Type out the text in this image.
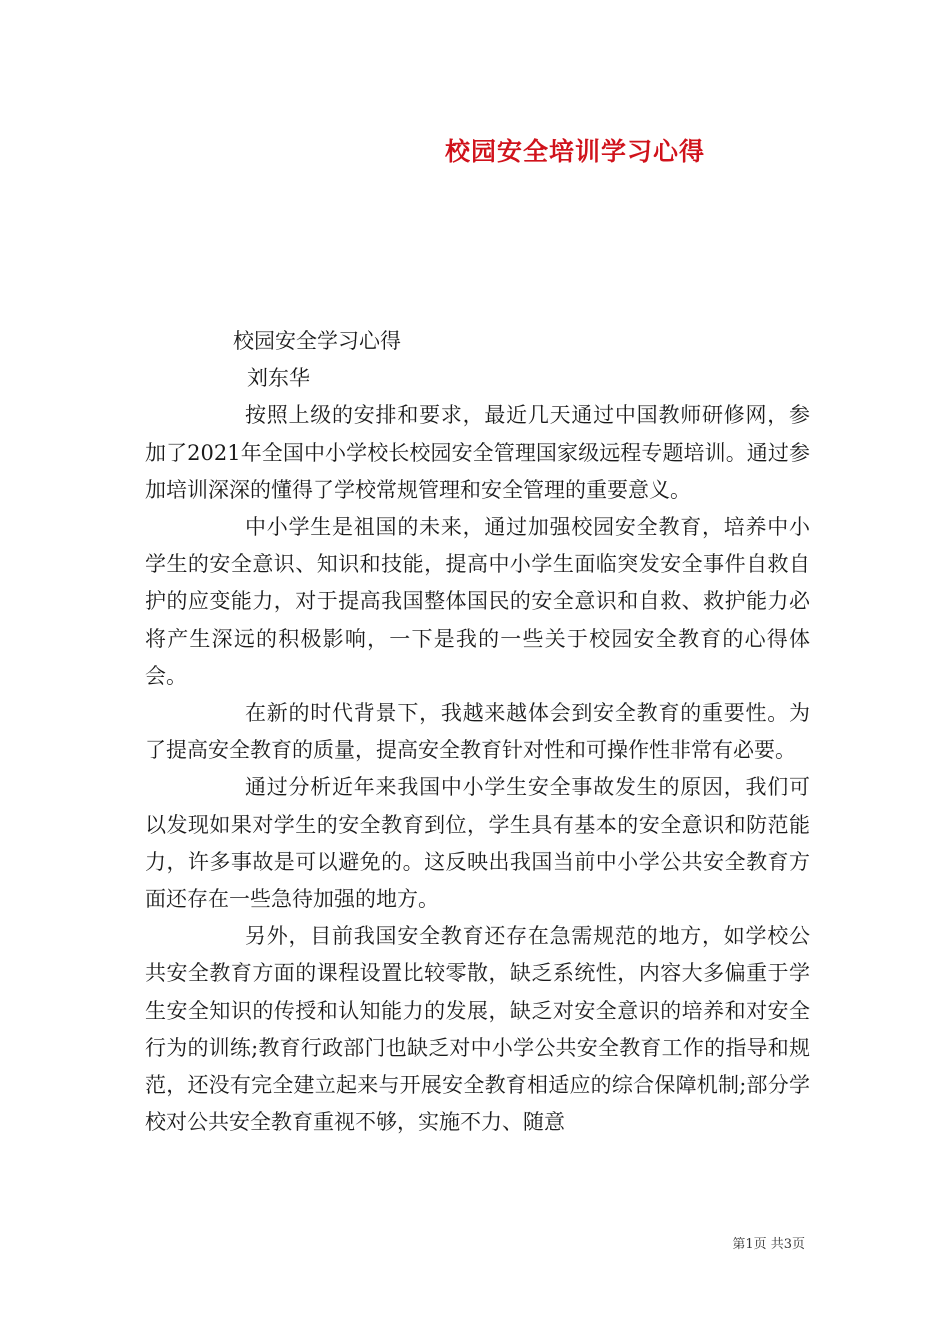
校园安全培训学习心得

校园安全学习心得

刘东华

按照上级的安排和要求，最近几天通过中国教师研修网，参加了2021年全国中小学校长校园安全管理国家级远程专题培训。通过参加培训深深的懂得了学校常规管理和安全管理的重要意义。

中小学生是祖国的未来，通过加强校园安全教育，培养中小学生的安全意识、知识和技能，提高中小学生面临突发安全事件自救自护的应变能力，对于提高我国整体国民的安全意识和自救、救护能力必将产生深远的积极影响，一下是我的一些关于校园安全教育的心得体会。

在新的时代背景下，我越来越体会到安全教育的重要性。为了提高安全教育的质量，提高安全教育针对性和可操作性非常有必要。

通过分析近年来我国中小学生安全事故发生的原因，我们可以发现如果对学生的安全教育到位，学生具有基本的安全意识和防范能力，许多事故是可以避免的。这反映出我国当前中小学公共安全教育方面还存在一些急待加强的地方。

另外，目前我国安全教育还存在急需规范的地方，如学校公共安全教育方面的课程设置比较零散，缺乏系统性，内容大多偏重于学生安全知识的传授和认知能力的发展，缺乏对安全意识的培养和对安全行为的训练;教育行政部门也缺乏对中小学公共安全教育工作的指导和规范，还没有完全建立起来与开展安全教育相适应的综合保障机制;部分学校对公共安全教育重视不够，实施不力、随意

第1页 共3页
